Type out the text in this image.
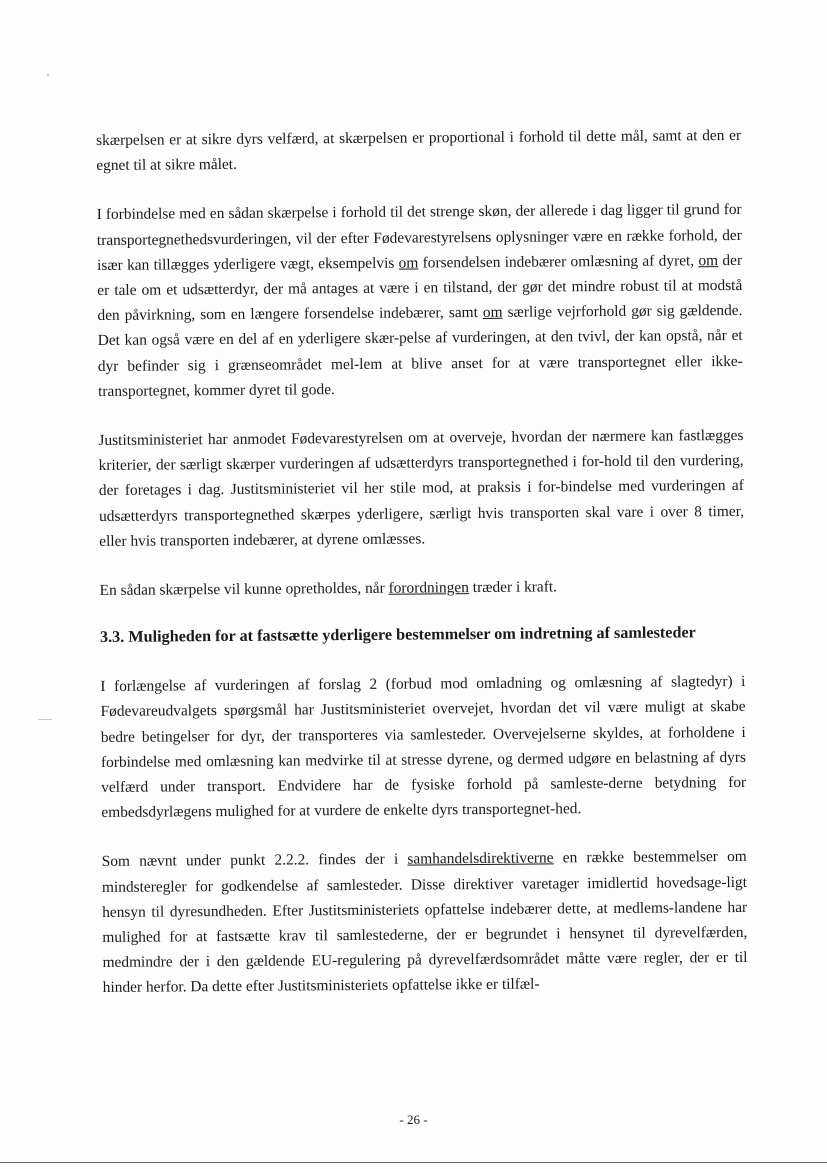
skærpelsen er at sikre dyrs velfærd, at skærpelsen er proportional i forhold til dette mål, samt at den er egnet til at sikre målet.

I forbindelse med en sådan skærpelse i forhold til det strenge skøn, der allerede i dag ligger til grund for transportegnethedsvurderingen, vil der efter Fødevarestyrelsens oplysninger være en række forhold, der især kan tillægges yderligere vægt, eksempelvis om forsendelsen indebærer omlæsning af dyret, om der er tale om et udsætterdyr, der må antages at være i en tilstand, der gør det mindre robust til at modstå den påvirkning, som en længere forsendelse indebærer, samt om særlige vejrforhold gør sig gældende. Det kan også være en del af en yderligere skær-pelse af vurderingen, at den tvivl, der kan opstå, når et dyr befinder sig i grænseområdet mel-lem at blive anset for at være transportegnet eller ikke-transportegnet, kommer dyret til gode.

Justitsministeriet har anmodet Fødevarestyrelsen om at overveje, hvordan der nærmere kan fastlægges kriterier, der særligt skærper vurderingen af udsætterdyrs transportegnethed i for-hold til den vurdering, der foretages i dag. Justitsministeriet vil her stile mod, at praksis i for-bindelse med vurderingen af udsætterdyrs transportegnethed skærpes yderligere, særligt hvis transporten skal vare i over 8 timer, eller hvis transporten indebærer, at dyrene omlæsses.

En sådan skærpelse vil kunne opretholdes, når forordningen træder i kraft.

3.3. Muligheden for at fastsætte yderligere bestemmelser om indretning af samlesteder

I forlængelse af vurderingen af forslag 2 (forbud mod omladning og omlæsning af slagtedyr) i Fødevareudvalgets spørgsmål har Justitsministeriet overvejet, hvordan det vil være muligt at skabe bedre betingelser for dyr, der transporteres via samlesteder. Overvejelserne skyldes, at forholdene i forbindelse med omlæsning kan medvirke til at stresse dyrene, og dermed udgøre en belastning af dyrs velfærd under transport. Endvidere har de fysiske forhold på samleste-derne betydning for embedsdyrlægens mulighed for at vurdere de enkelte dyrs transportegnet-hed.

Som nævnt under punkt 2.2.2. findes der i samhandelsdirektiverne en række bestemmelser om mindsteregler for godkendelse af samlesteder. Disse direktiver varetager imidlertid hovedsage-ligt hensyn til dyresundheden. Efter Justitsministeriets opfattelse indebærer dette, at medlems-landene har mulighed for at fastsætte krav til samlestederne, der er begrundet i hensynet til dyrevelfærden, medmindre der i den gældende EU-regulering på dyrevelfærdsområdet måtte være regler, der er til hinder herfor. Da dette efter Justitsministeriets opfattelse ikke er tilfæl-

- 26 -
